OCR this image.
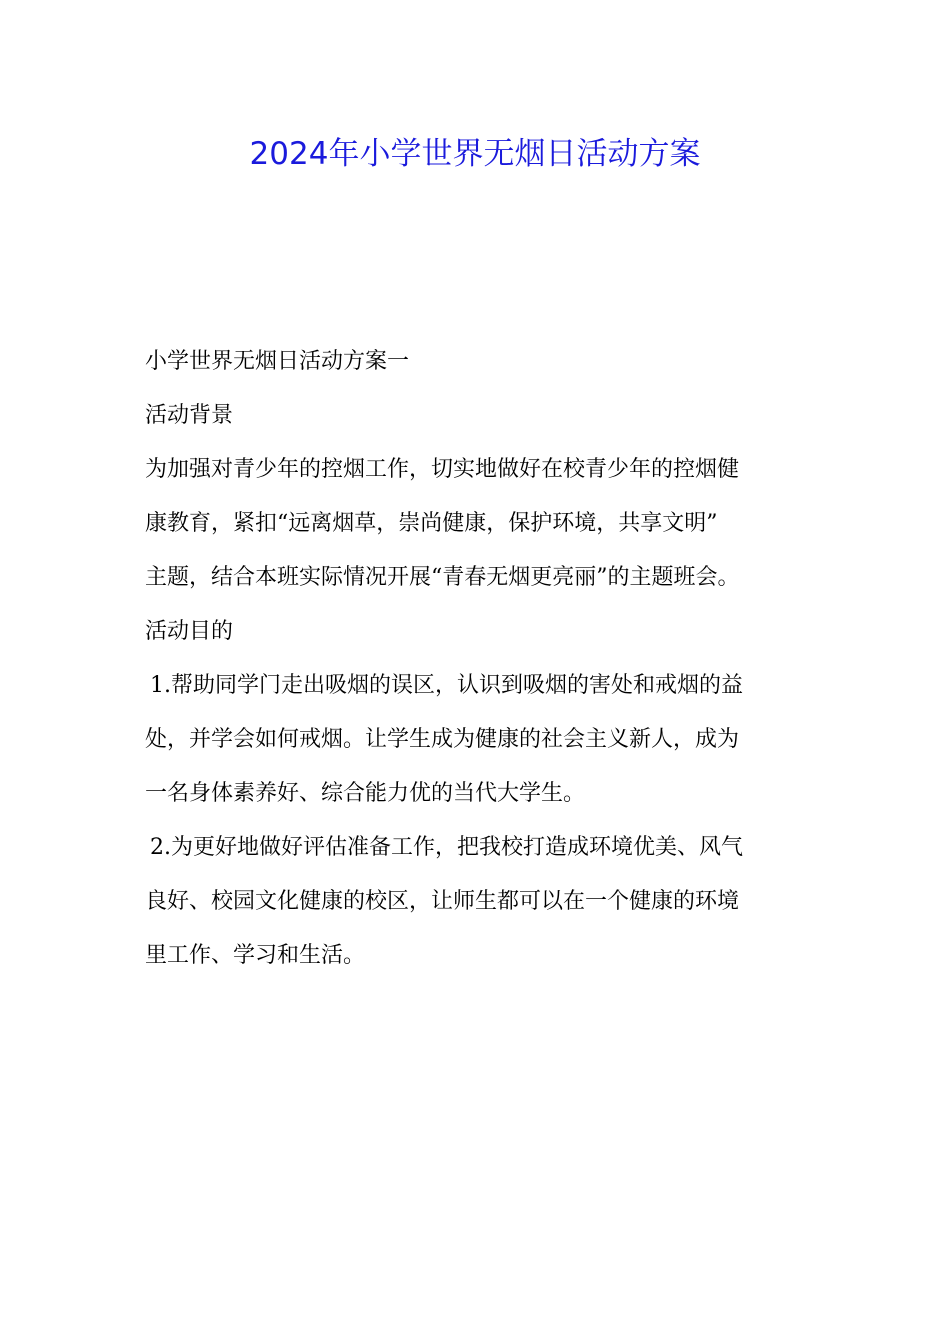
2024年小学世界无烟日活动方案

小学世界无烟日活动方案一

活动背景

为加强对青少年的控烟工作，切实地做好在校青少年的控烟健

康教育，紧扣“远离烟草，崇尚健康，保护环境，共享文明”

主题，结合本班实际情况开展“青春无烟更亮丽”的主题班会。

活动目的

1.帮助同学门走出吸烟的误区，认识到吸烟的害处和戒烟的益

处，并学会如何戒烟。让学生成为健康的社会主义新人，成为

一名身体素养好、综合能力优的当代大学生。

2.为更好地做好评估准备工作，把我校打造成环境优美、风气

良好、校园文化健康的校区，让师生都可以在一个健康的环境

里工作、学习和生活。
